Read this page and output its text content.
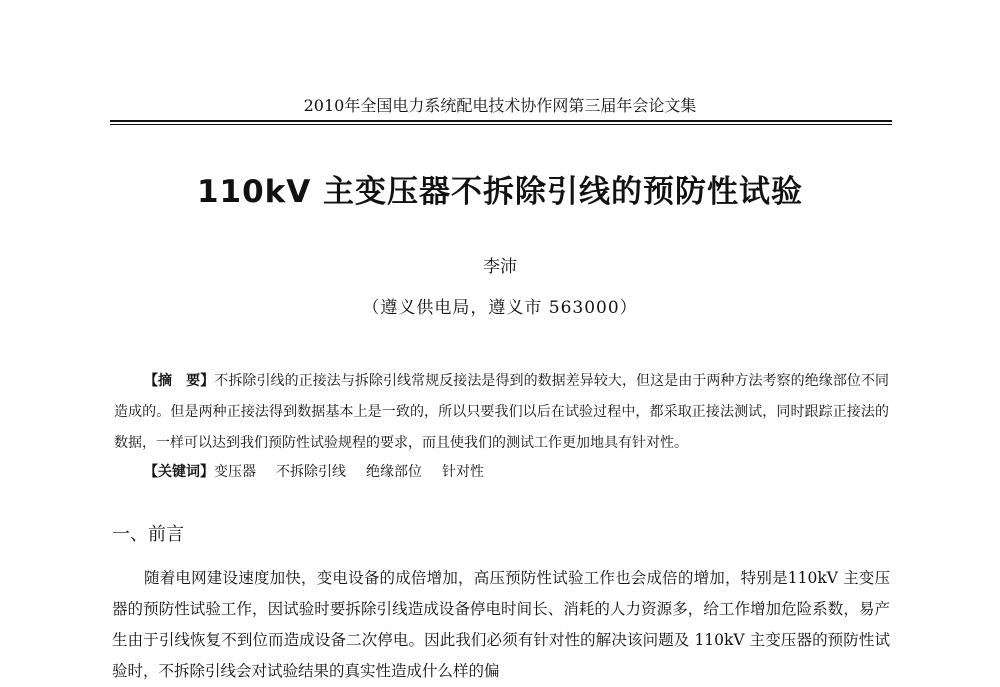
2010年全国电力系统配电技术协作网第三届年会论文集
110kV 主变压器不拆除引线的预防性试验
李沛
（遵义供电局，遵义市 563000）

【摘　要】不拆除引线的正接法与拆除引线常规反接法是得到的数据差异较大，但这是由于两种方法考察的绝缘部位不同造成的。但是两种正接法得到数据基本上是一致的，所以只要我们以后在试验过程中，都采取正接法测试，同时跟踪正接法的数据，一样可以达到我们预防性试验规程的要求，而且使我们的测试工作更加地具有针对性。

【关键词】变压器 不拆除引线 绝缘部位 针对性
一、前言

随着电网建设速度加快，变电设备的成倍增加，高压预防性试验工作也会成倍的增加，特别是110kV 主变压器的预防性试验工作，因试验时要拆除引线造成设备停电时间长、消耗的人力资源多，给工作增加危险系数，易产生由于引线恢复不到位而造成设备二次停电。因此我们必须有针对性的解决该问题及 110kV 主变压器的预防性试验时，不拆除引线会对试验结果的真实性造成什么样的偏
